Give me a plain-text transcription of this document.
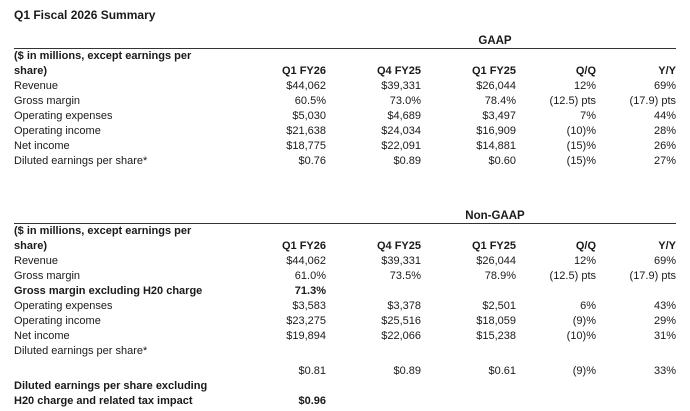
Q1 Fiscal 2026 Summary
GAAP
($ in millions, except earnings per share)	Q1 FY26	Q4 FY25	Q1 FY25	Q/Q	Y/Y
Revenue	$44,062	$39,331	$26,044	12%	69%
Gross margin	60.5%	73.0%	78.4%	(12.5) pts	(17.9) pts
Operating expenses	$5,030	$4,689	$3,497	7%	44%
Operating income	$21,638	$24,034	$16,909	(10)%	28%
Net income	$18,775	$22,091	$14,881	(15)%	26%
Diluted earnings per share*	$0.76	$0.89	$0.60	(15)%	27%
Non-GAAP
($ in millions, except earnings per share)	Q1 FY26	Q4 FY25	Q1 FY25	Q/Q	Y/Y
Revenue	$44,062	$39,331	$26,044	12%	69%
Gross margin	61.0%	73.5%	78.9%	(12.5) pts	(17.9) pts
Gross margin excluding H20 charge	71.3%				
Operating expenses	$3,583	$3,378	$2,501	6%	43%
Operating income	$23,275	$25,516	$18,059	(9)%	29%
Net income	$19,894	$22,066	$15,238	(10)%	31%
Diluted earnings per share*					
	$0.81	$0.89	$0.61	(9)%	33%
Diluted earnings per share excluding H20 charge and related tax impact	$0.96				
